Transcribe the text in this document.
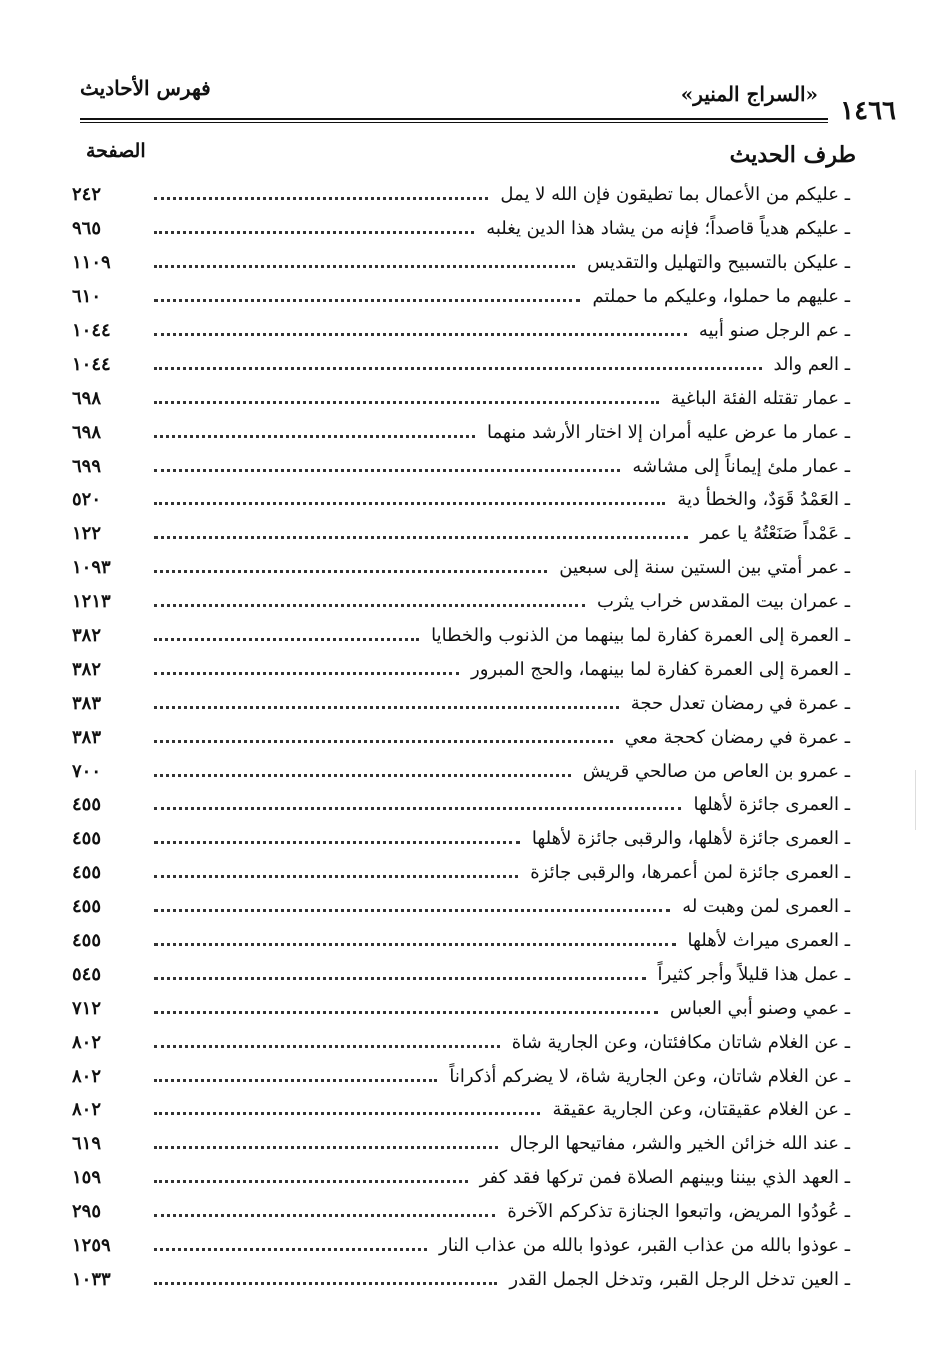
١٤٦٦
«السراج المنير»
فهرس الأحاديث
طرف الحديث
الصفحة
ـ عليكم من الأعمال بما تطيقون فإن الله لا يمل
٢٤٢
ـ عليكم هدياً قاصداً؛ فإنه من يشاد هذا الدين يغلبه
٩٦٥
ـ عليكن بالتسبيح والتهليل والتقديس
١١٠٩
ـ عليهم ما حملوا، وعليكم ما حملتم
٦١٠
ـ عم الرجل صنو أبيه
١٠٤٤
ـ العم والد
١٠٤٤
ـ عمار تقتله الفئة الباغية
٦٩٨
ـ عمار ما عرض عليه أمران إلا اختار الأرشد منهما
٦٩٨
ـ عمار ملئ إيماناً إلى مشاشه
٦٩٩
ـ العَمْدُ قَوَدٌ، والخطأ دية
٥٢٠
ـ عَمْداً صَنَعْتُهُ يا عمر
١٢٢
ـ عمر أمتي بين الستين سنة إلى سبعين
١٠٩٣
ـ عمران بيت المقدس خراب يثرب
١٢١٣
ـ العمرة إلى العمرة كفارة لما بينهما من الذنوب والخطايا
٣٨٢
ـ العمرة إلى العمرة كفارة لما بينهما، والحج المبرور
٣٨٢
ـ عمرة في رمضان تعدل حجة
٣٨٣
ـ عمرة في رمضان كحجة معي
٣٨٣
ـ عمرو بن العاص من صالحي قريش
٧٠٠
ـ العمرى جائزة لأهلها
٤٥٥
ـ العمرى جائزة لأهلها، والرقبى جائزة لأهلها
٤٥٥
ـ العمرى جائزة لمن أعمرها، والرقبى جائزة
٤٥٥
ـ العمرى لمن وهبت له
٤٥٥
ـ العمرى ميراث لأهلها
٤٥٥
ـ عمل هذا قليلاً وأجر كثيراً
٥٤٥
ـ عمي وصنو أبي العباس
٧١٢
ـ عن الغلام شاتان مكافئتان، وعن الجارية شاة
٨٠٢
ـ عن الغلام شاتان، وعن الجارية شاة، لا يضركم أذكراناً
٨٠٢
ـ عن الغلام عقيقتان، وعن الجارية عقيقة
٨٠٢
ـ عند الله خزائن الخير والشر، مفاتيحها الرجال
٦١٩
ـ العهد الذي بيننا وبينهم الصلاة فمن تركها فقد كفر
١٥٩
ـ عُودُوا المريض، واتبعوا الجنازة تذكركم الآخرة
٢٩٥
ـ عوذوا بالله من عذاب القبر، عوذوا بالله من عذاب النار
١٢٥٩
ـ العين تدخل الرجل القبر، وتدخل الجمل القدر
١٠٣٣
